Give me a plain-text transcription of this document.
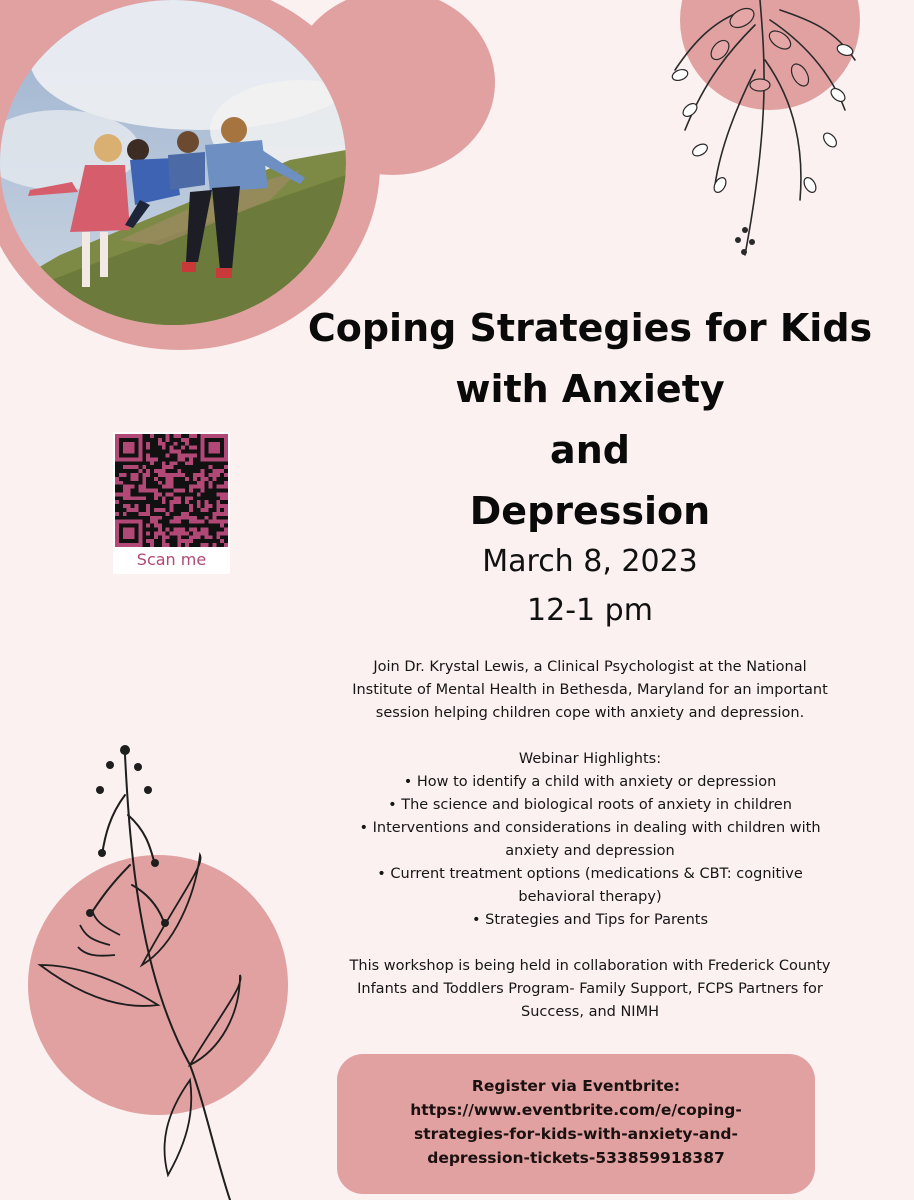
Scan me
Coping Strategies for Kids
with Anxiety
and
Depression
March 8, 2023
12-1 pm
Join Dr. Krystal Lewis, a Clinical Psychologist at the National
Institute of Mental Health in Bethesda, Maryland for an important
session helping children cope with anxiety and depression.
Webinar Highlights:
• How to identify a child with anxiety or depression
• The science and biological roots of anxiety in children
• Interventions and considerations in dealing with children with
anxiety and depression
• Current treatment options (medications & CBT: cognitive
behavioral therapy)
• Strategies and Tips for Parents
This workshop is being held in collaboration with Frederick County
Infants and Toddlers Program- Family Support, FCPS Partners for
Success, and NIMH
Register via Eventbrite:
https://www.eventbrite.com/e/coping-
strategies-for-kids-with-anxiety-and-
depression-tickets-533859918387
